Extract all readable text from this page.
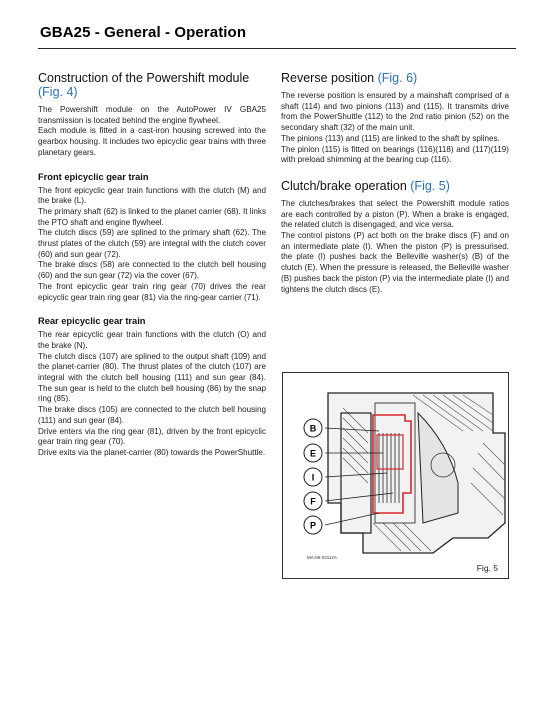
GBA25 - General - Operation
Construction of the Powershift module
(Fig. 4)

The Powershift module on the AutoPower IV GBA25 transmission is located behind the engine flywheel.

Each module is fitted in a cast-iron housing screwed into the gearbox housing. It includes two epicyclic gear trains with three planetary gears.

Front epicyclic gear train

The front epicyclic gear train functions with the clutch (M) and the brake (L).

The primary shaft (62) is linked to the planet carrier (68). It links the PTO shaft and engine flywheel.

The clutch discs (59) are splined to the primary shaft (62). The thrust plates of the clutch (59) are integral with the clutch cover (60) and sun gear (72).

The brake discs (58) are connected to the clutch bell housing (60) and the sun gear (72) via the cover (67).

The front epicyclic gear train ring gear (70) drives the rear epicyclic gear train ring gear (81) via the ring-gear carrier (71).

Rear epicyclic gear train

The rear epicyclic gear train functions with the clutch (O) and the brake (N).

The clutch discs (107) are splined to the output shaft (109) and the planet-carrier (80). The thrust plates of the clutch (107) are integral with the clutch bell housing (111) and sun gear (84). The sun gear is held to the clutch bell housing (86) by the snap ring (85).

The brake discs (105) are connected to the clutch bell housing (111) and sun gear (84).

Drive enters via the ring gear (81), driven by the front epicyclic gear train ring gear (70).

Drive exits via the planet-carrier (80) towards the PowerShuttle.

Reverse position (Fig. 6)

The reverse position is ensured by a mainshaft comprised of a shaft (114) and two pinions (113) and (115). It transmits drive from the PowerShuttle (112) to the 2nd ratio pinion (52) on the secondary shaft (32) of the main unit.

The pinions (113) and (115) are linked to the shaft by splines.

The pinion (115) is fitted on bearings (116)(118) and (117)(119) with preload shimming at the bearing cup (116).

Clutch/brake operation (Fig. 5)

The clutches/brakes that select the Powershift module ratios are each controlled by a piston (P). When a brake is engaged, the related clutch is disengaged, and vice versa.

The control pistons (P) act both on the brake discs (F) and on an intermediate plate (I). When the piston (P) is pressurised, the plate (I) pushes back the Belleville washer(s) (B) of the clutch (E). When the pressure is released, the Belleville washer (B) pushes back the piston (P) via the intermediate plate (I) and tightens the clutch discs (E).

B
E
I
F
P
MA-06-03112A
Fig. 5
